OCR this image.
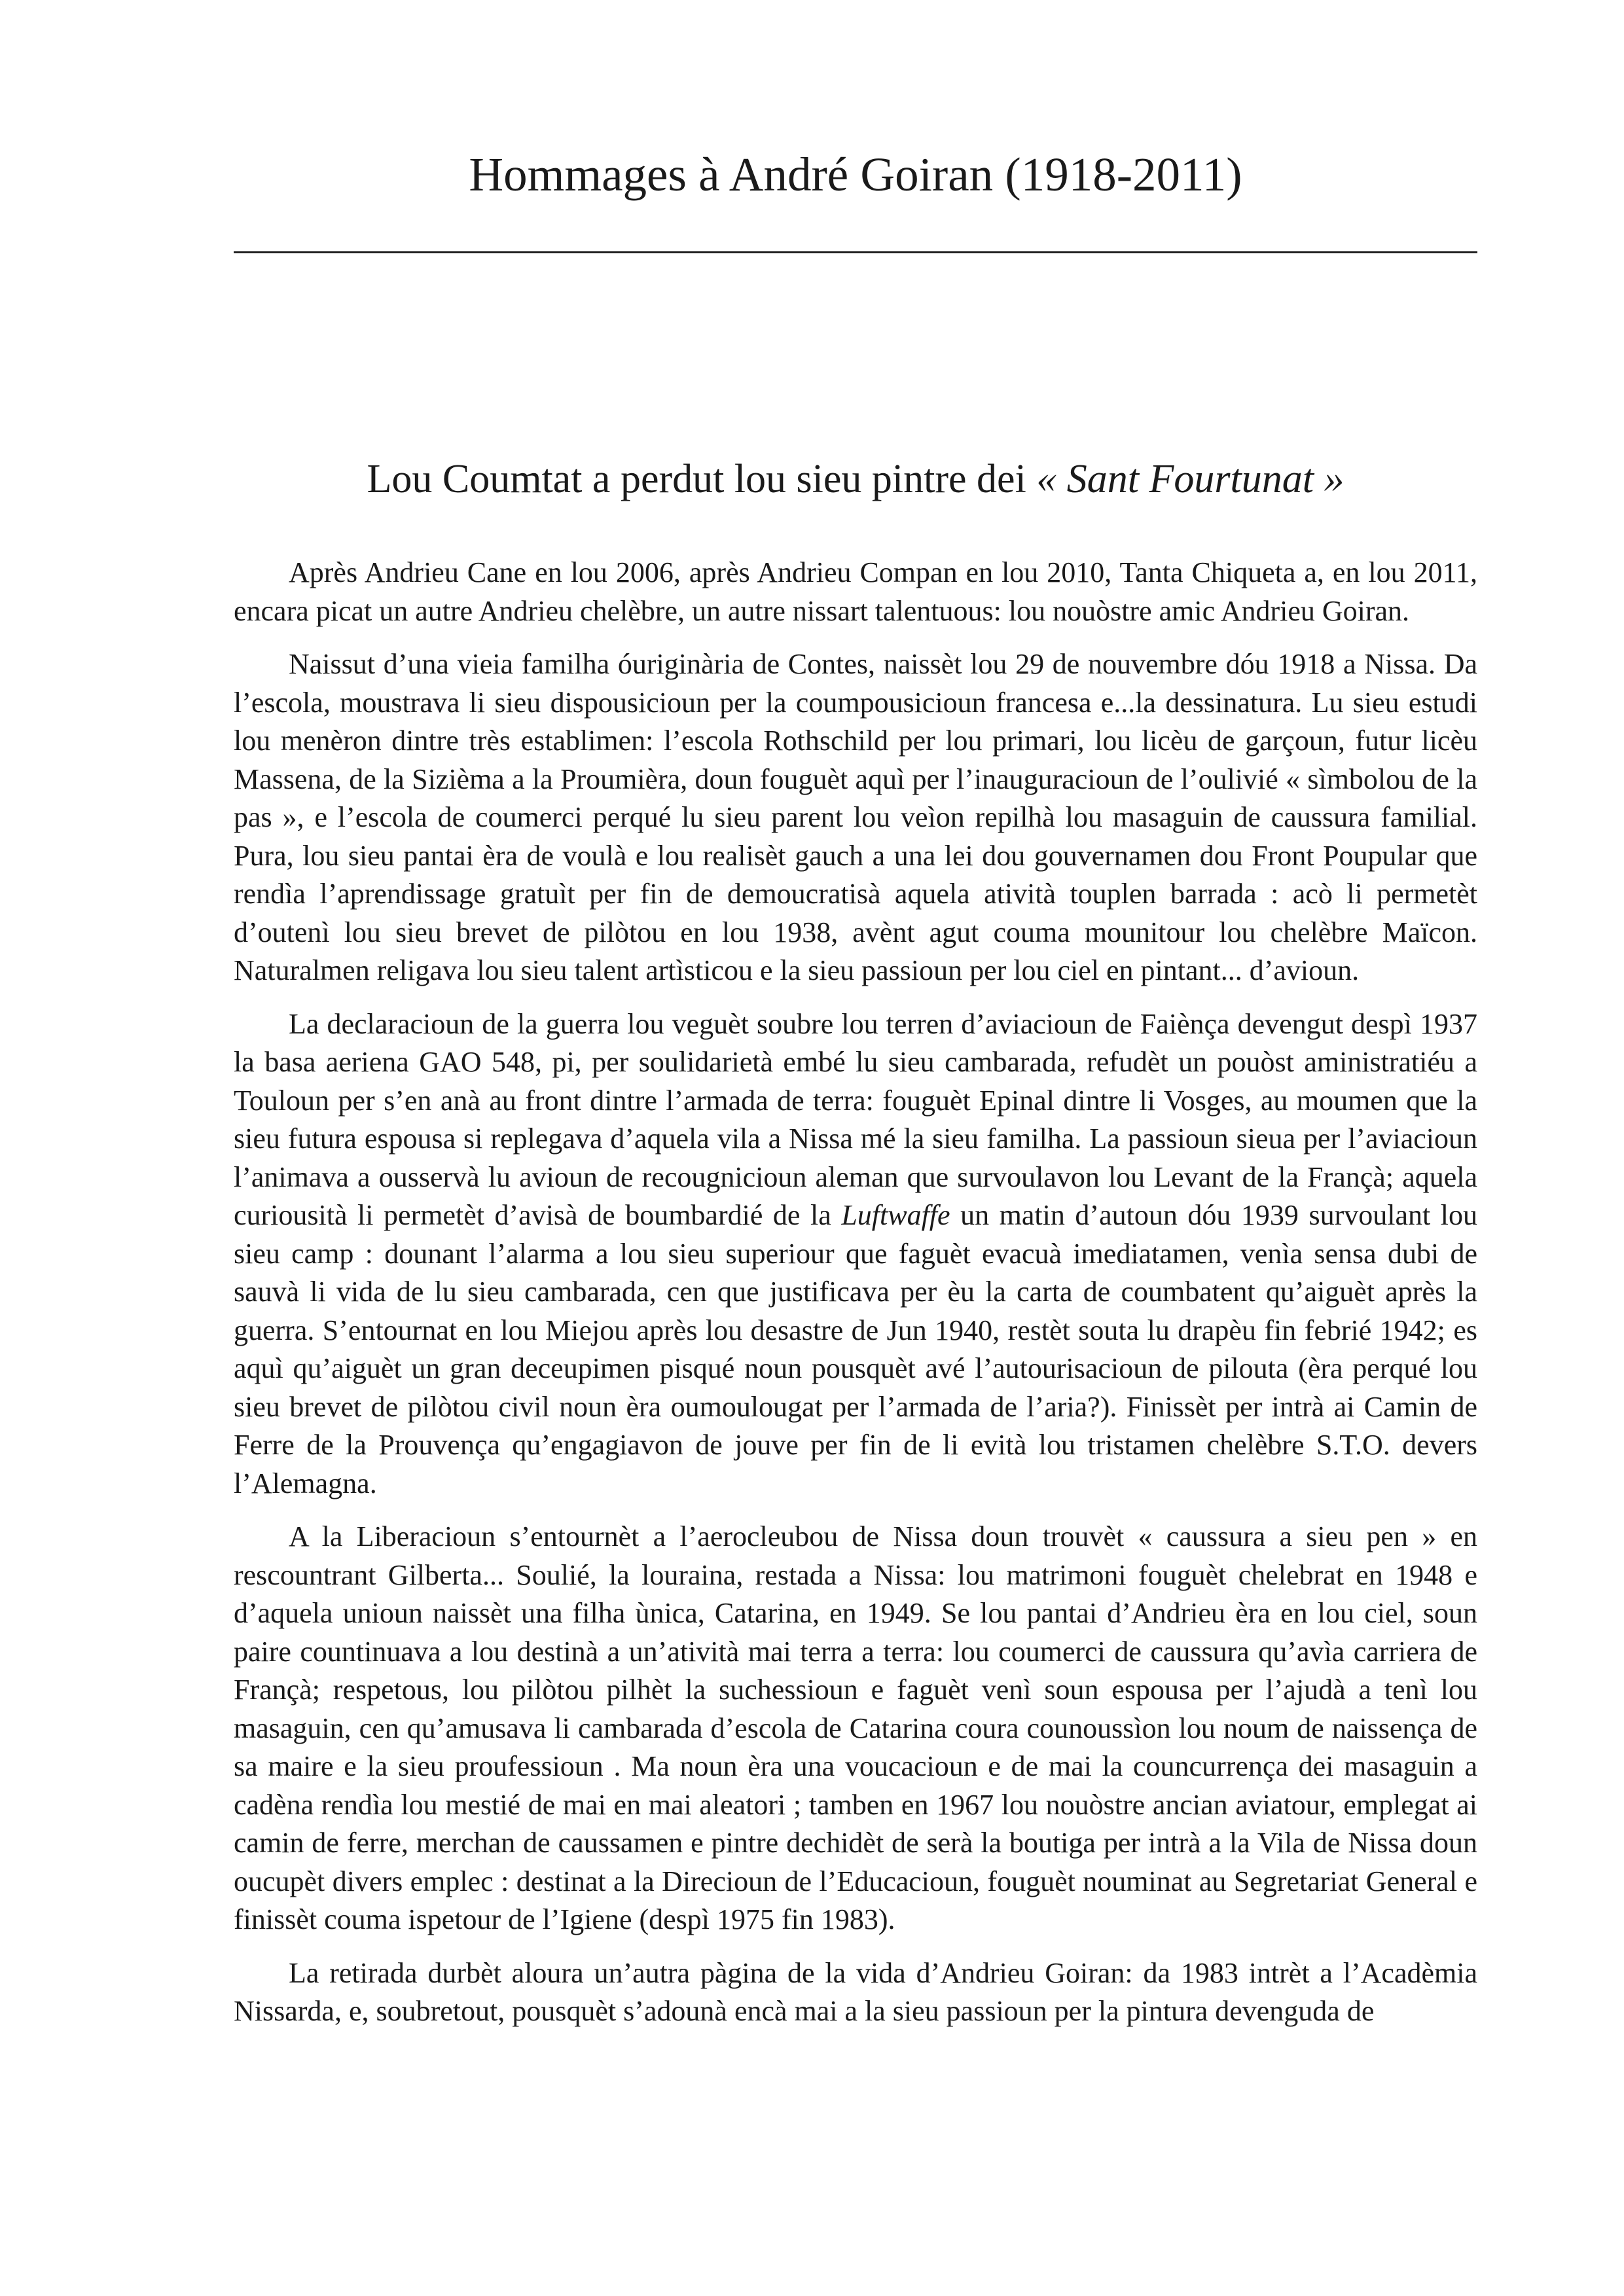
Hommages à André Goiran (1918-2011)
Lou Coumtat a perdut lou sieu pintre dei « Sant Fourtunat »

Après Andrieu Cane en lou 2006, après Andrieu Compan en lou 2010, Tanta Chiqueta a, en lou 2011, encara picat un autre Andrieu chelèbre, un autre nissart talentuous: lou nouòstre amic Andrieu Goiran.

Naissut d’una vieia familha óuriginària de Contes, naissèt lou 29 de nouvembre dóu 1918 a Nissa. Da l’escola, moustrava li sieu dispousicioun per la coumpousicioun francesa e...la dessinatura. Lu sieu estudi lou menèron dintre très establimen: l’escola Rothschild per lou primari, lou licèu de garçoun, futur licèu Massena, de la Sizièma a la Proumièra, doun fouguèt aquì per l’inauguracioun de l’oulivié « sìmbolou de la pas », e l’escola de coumerci perqué lu sieu parent lou veìon repilhà lou masaguin de caussura familial. Pura, lou sieu pantai èra de voulà e lou realisèt gauch a una lei dou gouvernamen dou Front Poupular que rendìa l’aprendissage gratuìt per fin de demoucratisà aquela atività touplen barrada : acò li permetèt d’outenì lou sieu brevet de pilòtou en lou 1938, avènt agut couma mounitour lou chelèbre Maïcon. Naturalmen religava lou sieu talent artìsticou e la sieu passioun per lou ciel en pintant... d’avioun.

La declaracioun de la guerra lou veguèt soubre lou terren d’aviacioun de Faiènça devengut despì 1937 la basa aeriena GAO 548, pi, per soulidarietà embé lu sieu cambarada, refudèt un pouòst aministratiéu a Touloun per s’en anà au front dintre l’armada de terra: fouguèt Epinal dintre li Vosges, au moumen que la sieu futura espousa si replegava d’aquela vila a Nissa mé la sieu familha. La passioun sieua per l’aviacioun l’animava a ousservà lu avioun de recougnicioun aleman que survoulavon lou Levant de la Françà; aquela curiousità li permetèt d’avisà de boumbardié de la Luftwaffe un matin d’autoun dóu 1939 survoulant lou sieu camp : dounant l’alarma a lou sieu superiour que faguèt evacuà imediatamen, venìa sensa dubi de sauvà li vida de lu sieu cambarada, cen que justificava per èu la carta de coumbatent qu’aiguèt après la guerra. S’entournat en lou Miejou après lou desastre de Jun 1940, restèt souta lu drapèu fin febrié 1942; es aquì qu’aiguèt un gran deceupimen pisqué noun pousquèt avé l’autourisacioun de pilouta (èra perqué lou sieu brevet de pilòtou civil noun èra oumoulougat per l’armada de l’aria?). Finissèt per intrà ai Camin de Ferre de la Prouvença qu’engagiavon de jouve per fin de li evità lou tristamen chelèbre S.T.O. devers l’Alemagna.

A la Liberacioun s’entournèt a l’aerocleubou de Nissa doun trouvèt « caussura a sieu pen » en rescountrant Gilberta... Soulié, la louraina, restada a Nissa: lou matrimoni fouguèt chelebrat en 1948 e d’aquela unioun naissèt una filha ùnica, Catarina, en 1949. Se lou pantai d’Andrieu èra en lou ciel, soun paire countinuava a lou destinà a un’atività mai terra a terra: lou coumerci de caussura qu’avìa carriera de Françà; respetous, lou pilòtou pilhèt la suchessioun e faguèt venì soun espousa per l’ajudà a tenì lou masaguin, cen qu’amusava li cambarada d’escola de Catarina coura counoussìon lou noum de naissença de sa maire e la sieu proufessioun . Ma noun èra una voucacioun e de mai la councurrença dei masaguin a cadèna rendìa lou mestié de mai en mai aleatori ; tamben en 1967 lou nouòstre ancian aviatour, emplegat ai camin de ferre, merchan de caussamen e pintre dechidèt de serà la boutiga per intrà a la Vila de Nissa doun oucupèt divers emplec : destinat a la Direcioun de l’Educacioun, fouguèt nouminat au Segretariat General e finissèt couma ispetour de l’Igiene (despì 1975 fin 1983).

La retirada durbèt aloura un’autra pàgina de la vida d’Andrieu Goiran: da 1983 intrèt a l’Acadèmia Nissarda, e, soubretout, pousquèt s’adounà encà mai a la sieu passioun per la pintura devenguda de
